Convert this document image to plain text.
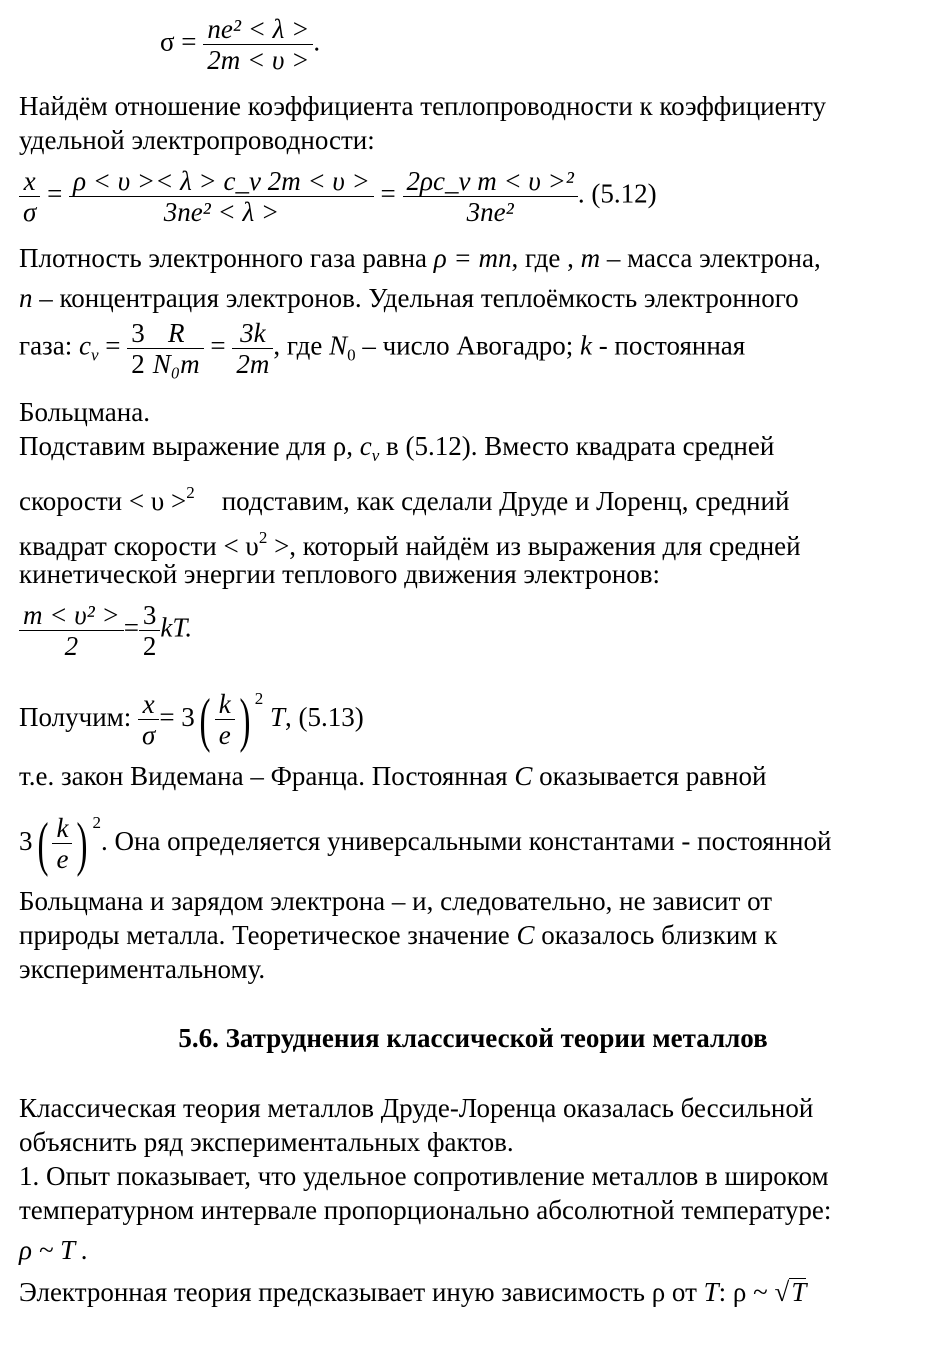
$\sigma = \frac{\text{ne² < λ >}}{2m < \upsilon >}$ .
Найдём отношение коэффициента теплопроводности к коэффициенту
удельной электропроводности:
$\frac{x}{\sigma} = \frac{\rho < \upsilon >< \lambda > c\_v 2m < \upsilon >}{\text{3ne² < λ >}} = \frac{\text{2ρc\_v m < υ >²}}{\text{3ne²}}$ . (5.12)
Плотность электронного газа равна ρ = mn, где , m – масса электрона,
n – концентрация электронов. Удельная теплоёмкость электронного
газа: $c_v = \frac{3}{2} \frac{R}{\text{N₀m}} = \frac{3k}{2m}$ , где $N_0$ – число Авогадро; k - постоянная
Больцмана.
Подставим выражение для ρ, $c_v$ в (5.12). Вместо квадрата средней
скорости < υ >$^2$ подставим, как сделали Друде и Лоренц, средний
квадрат скорости < $\upsilon^2$ >, который найдём из выражения для средней
кинетической энергии теплового движения электронов:
$\frac{\text{m < υ² >}}{2} = \frac{3}{2}$ kT.
Получим: $\frac{x}{\sigma} = 3( \frac{k}{e}$ ) $^2$ T, (5.13)
т.е. закон Видемана – Франца. Постоянная C оказывается равной
$3( \frac{k}{e}$ ) $^2$. Она определяется универсальными константами - постоянной
Больцмана и зарядом электрона – и, следовательно, не зависит от
природы металла. Теоретическое значение C оказалось близким к
экспериментальному.
5.6. Затруднения классической теории металлов
Классическая теория металлов Друде-Лоренца оказалась бессильной
объяснить ряд экспериментальных фактов.
1. Опыт показывает, что удельное сопротивление металлов в широком
температурном интервале пропорционально абсолютной температуре:
ρ ~ T .
Электронная теория предсказывает иную зависимость ρ от T: ρ ~ √T
